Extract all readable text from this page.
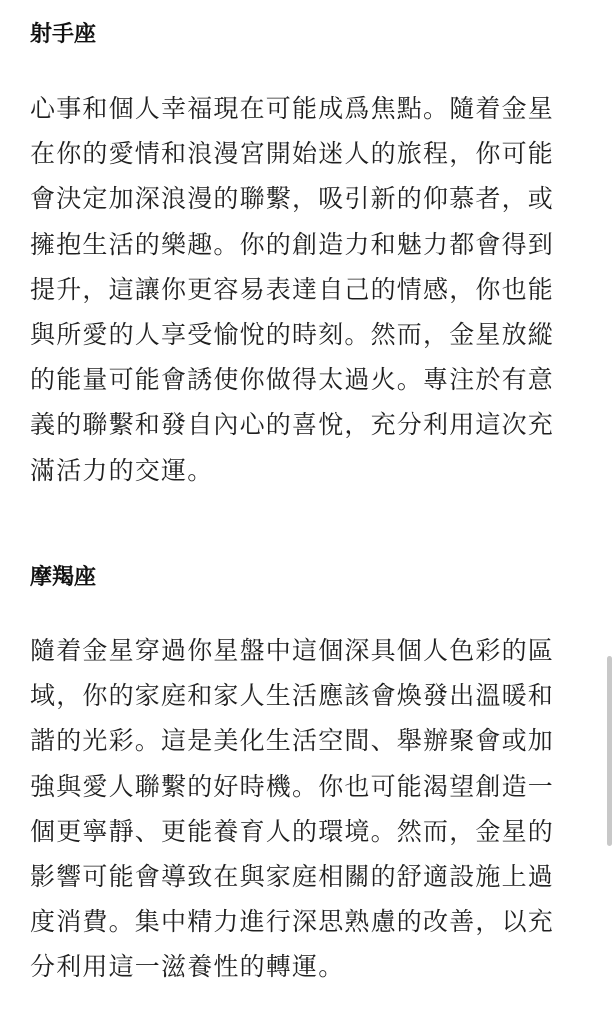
射手座
心事和個人幸福現在可能成爲焦點。隨着金星
在你的愛情和浪漫宮開始迷人的旅程，你可能
會決定加深浪漫的聯繫，吸引新的仰慕者，或
擁抱生活的樂趣。你的創造力和魅力都會得到
提升，這讓你更容易表達自己的情感，你也能
與所愛的人享受愉悅的時刻。然而，金星放縱
的能量可能會誘使你做得太過火。專注於有意
義的聯繫和發自內心的喜悅，充分利用這次充
滿活力的交運。
摩羯座
隨着金星穿過你星盤中這個深具個人色彩的區
域，你的家庭和家人生活應該會煥發出溫暖和
諧的光彩。這是美化生活空間、舉辦聚會或加
強與愛人聯繫的好時機。你也可能渴望創造一
個更寧靜、更能養育人的環境。然而，金星的
影響可能會導致在與家庭相關的舒適設施上過
度消費。集中精力進行深思熟慮的改善，以充
分利用這一滋養性的轉運。
